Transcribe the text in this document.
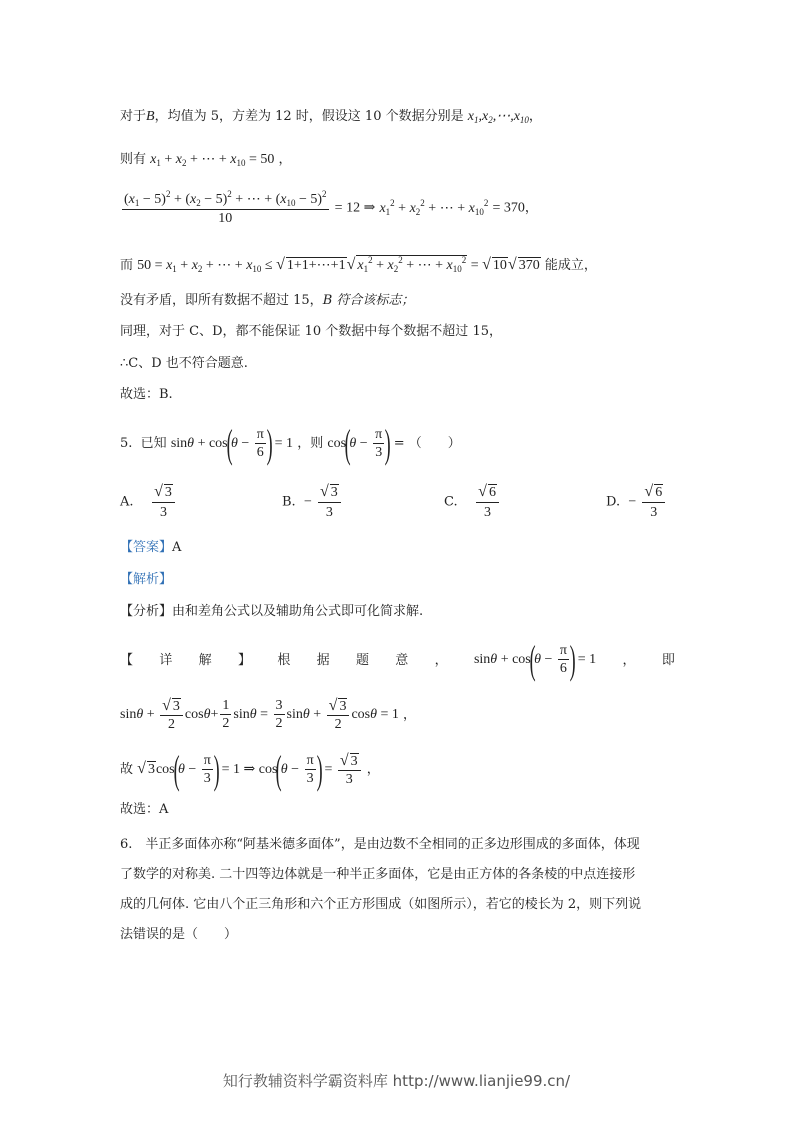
对于B，均值为 5，方差为 12 时，假设这 10 个数据分别是 $x_1,x_2,\cdots,x_{10}$，
则有 $x_1 + x_2$ + ⋯ + $x_{10} = 50$ ，
$\frac{(x_1 - 5)^2 + (x_2 - 5)^2 + \cdots + (x_{10} - 5)^2}{10} = 12$ ⇒ $x_1^2 + x_2^2$ + ⋯ + $x_{10}^2 = 370$，
而 $50 = x_1 + x_2$ + ⋯ + $x_{10}$ ≤ √ 1+1+⋯+1√ $x_1^2 + x_2^2$ + ⋯ + $x_{10}^2$ = √ 10√ 370 能成立，
没有矛盾，即所有数据不超过 15，B 符合该标志；
同理，对于 C、D，都不能保证 10 个数据中每个数据不超过 15，
∴C、D 也不符合题意.
故选：B.
5. 已知 $\sin\theta + \cos(\theta - \frac{\pi}{6}$ ) = 1 ，则 $\cos(\theta - \frac{\pi}{3}$ ) = （　　）
A. $\frac{√ 3}{3}$	B. − $\frac{√ 3}{3}$	C. $\frac{√ 6}{3}$	D. − $\frac{√ 6}{3}$
【答案】A
【解析】
【分析】由和差角公式以及辅助角公式即可化简求解.
【 详 解 】 根 据 题 意 ， $\sin\theta + \cos(\theta - \frac{\pi}{6}$ ) = 1 ， 即
$\sin\theta + \frac{√ 3}{2} \cos\theta+ \frac{1}{2}$ $\sin\theta = \frac{3}{2}$ $\sin\theta + \frac{√ 3}{2}$ cosθ = 1 ，
故 √ $3\cos(\theta - \frac{\pi}{3}$ ) = 1 ⇒ $\cos(\theta - \frac{\pi}{3}$ ) = $\frac{√ 3}{3}$ ，
故选：A
6.　半正多面体亦称“阿基米德多面体”，是由边数不全相同的正多边形围成的多面体，体现
了数学的对称美. 二十四等边体就是一种半正多面体，它是由正方体的各条棱的中点连接形
成的几何体. 它由八个正三角形和六个正方形围成（如图所示），若它的棱长为 2，则下列说
法错误的是（　　）
知行教辅资料学霸资料库 http://www.lianjie99.cn/
